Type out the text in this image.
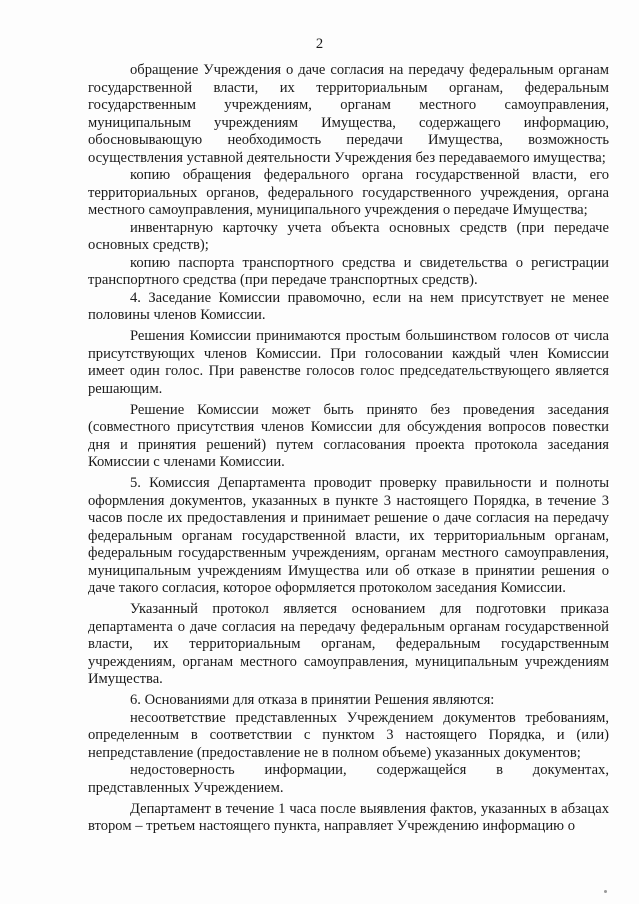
2

обращение Учреждения о даче согласия на передачу федеральным органам государственной власти, их территориальным органам, федеральным государственным учреждениям, органам местного самоуправления, муниципальным учреждениям Имущества, содержащего информацию, обосновывающую необходимость передачи Имущества, возможность осуществления уставной деятельности Учреждения без передаваемого имущества;

копию обращения федерального органа государственной власти, его территориальных органов, федерального государственного учреждения, органа местного самоуправления, муниципального учреждения о передаче Имущества;

инвентарную карточку учета объекта основных средств (при передаче основных средств);

копию паспорта транспортного средства и свидетельства о регистрации транспортного средства (при передаче транспортных средств).

4. Заседание Комиссии правомочно, если на нем присутствует не менее половины членов Комиссии.

Решения Комиссии принимаются простым большинством голосов от числа присутствующих членов Комиссии. При голосовании каждый член Комиссии имеет один голос. При равенстве голосов голос председательствующего является решающим.

Решение Комиссии может быть принято без проведения заседания (совместного присутствия членов Комиссии для обсуждения вопросов повестки дня и принятия решений) путем согласования проекта протокола заседания Комиссии с членами Комиссии.

5. Комиссия Департамента проводит проверку правильности и полноты оформления документов, указанных в пункте 3 настоящего Порядка, в течение 3 часов после их предоставления и принимает решение о даче согласия на передачу федеральным органам государственной власти, их территориальным органам, федеральным государственным учреждениям, органам местного самоуправления, муниципальным учреждениям Имущества или об отказе в принятии решения о даче такого согласия, которое оформляется протоколом заседания Комиссии.

Указанный протокол является основанием для подготовки приказа департамента о даче согласия на передачу федеральным органам государственной власти, их территориальным органам, федеральным государственным учреждениям, органам местного самоуправления, муниципальным учреждениям Имущества.

6. Основаниями для отказа в принятии Решения являются:

несоответствие представленных Учреждением документов требованиям, определенным в соответствии с пунктом 3 настоящего Порядка, и (или) непредставление (предоставление не в полном объеме) указанных документов;

недостоверность информации, содержащейся в документах, представленных Учреждением.

Департамент в течение 1 часа после выявления фактов, указанных в абзацах втором – третьем настоящего пункта, направляет Учреждению информацию о
